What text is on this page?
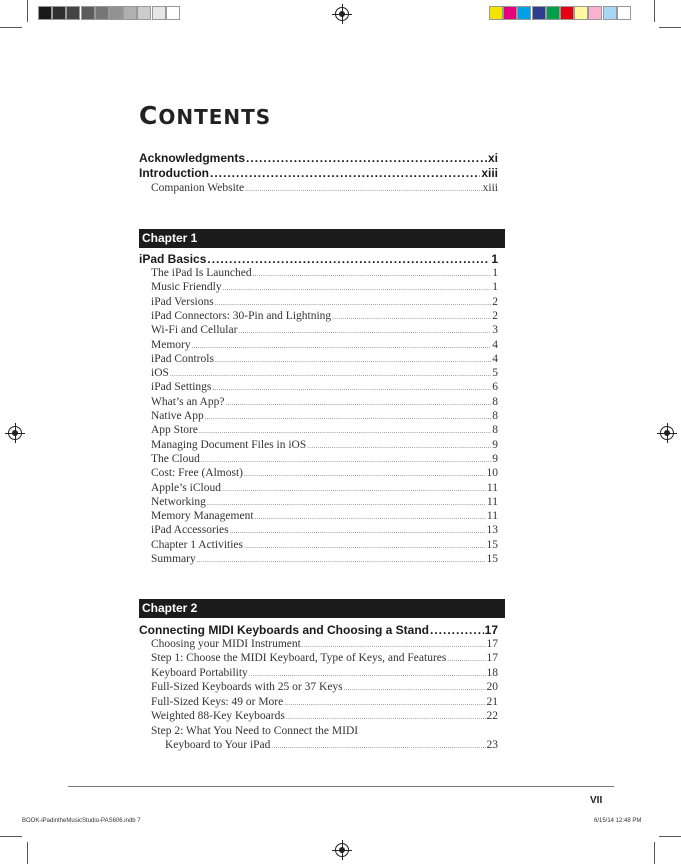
CONTENTS
Acknowledgments .....	xi
Introduction .....	xiii
Companion Website .....	xiii
Chapter 1
iPad Basics .....	1
The iPad Is Launched .....	1
Music Friendly .....	1
iPad Versions .....	2
iPad Connectors: 30-Pin and Lightning .....	2
Wi-Fi and Cellular .....	3
Memory .....	4
iPad Controls .....	4
iOS .....	5
iPad Settings .....	6
What’s an App? .....	8
Native App .....	8
App Store .....	8
Managing Document Files in iOS .....	9
The Cloud .....	9
Cost: Free (Almost) .....	10
Apple’s iCloud .....	11
Networking .....	11
Memory Management .....	11
iPad Accessories .....	13
Chapter 1 Activities .....	15
Summary .....	15
Chapter 2
Connecting MIDI Keyboards and Choosing a Stand .....	17
Choosing your MIDI Instrument .....	17
Step 1: Choose the MIDI Keyboard, Type of Keys, and Features .....	17
Keyboard Portability .....	18
Full-Sized Keyboards with 25 or 37 Keys .....	20
Full-Sized Keys: 49 or More .....	21
Weighted 88-Key Keyboards .....	22
Step 2: What You Need to Connect the MIDI
Keyboard to Your iPad .....	23
VII
BOOK-iPadintheMusicStudio-PAS606.indb 7	6/15/14 12:48 PM
